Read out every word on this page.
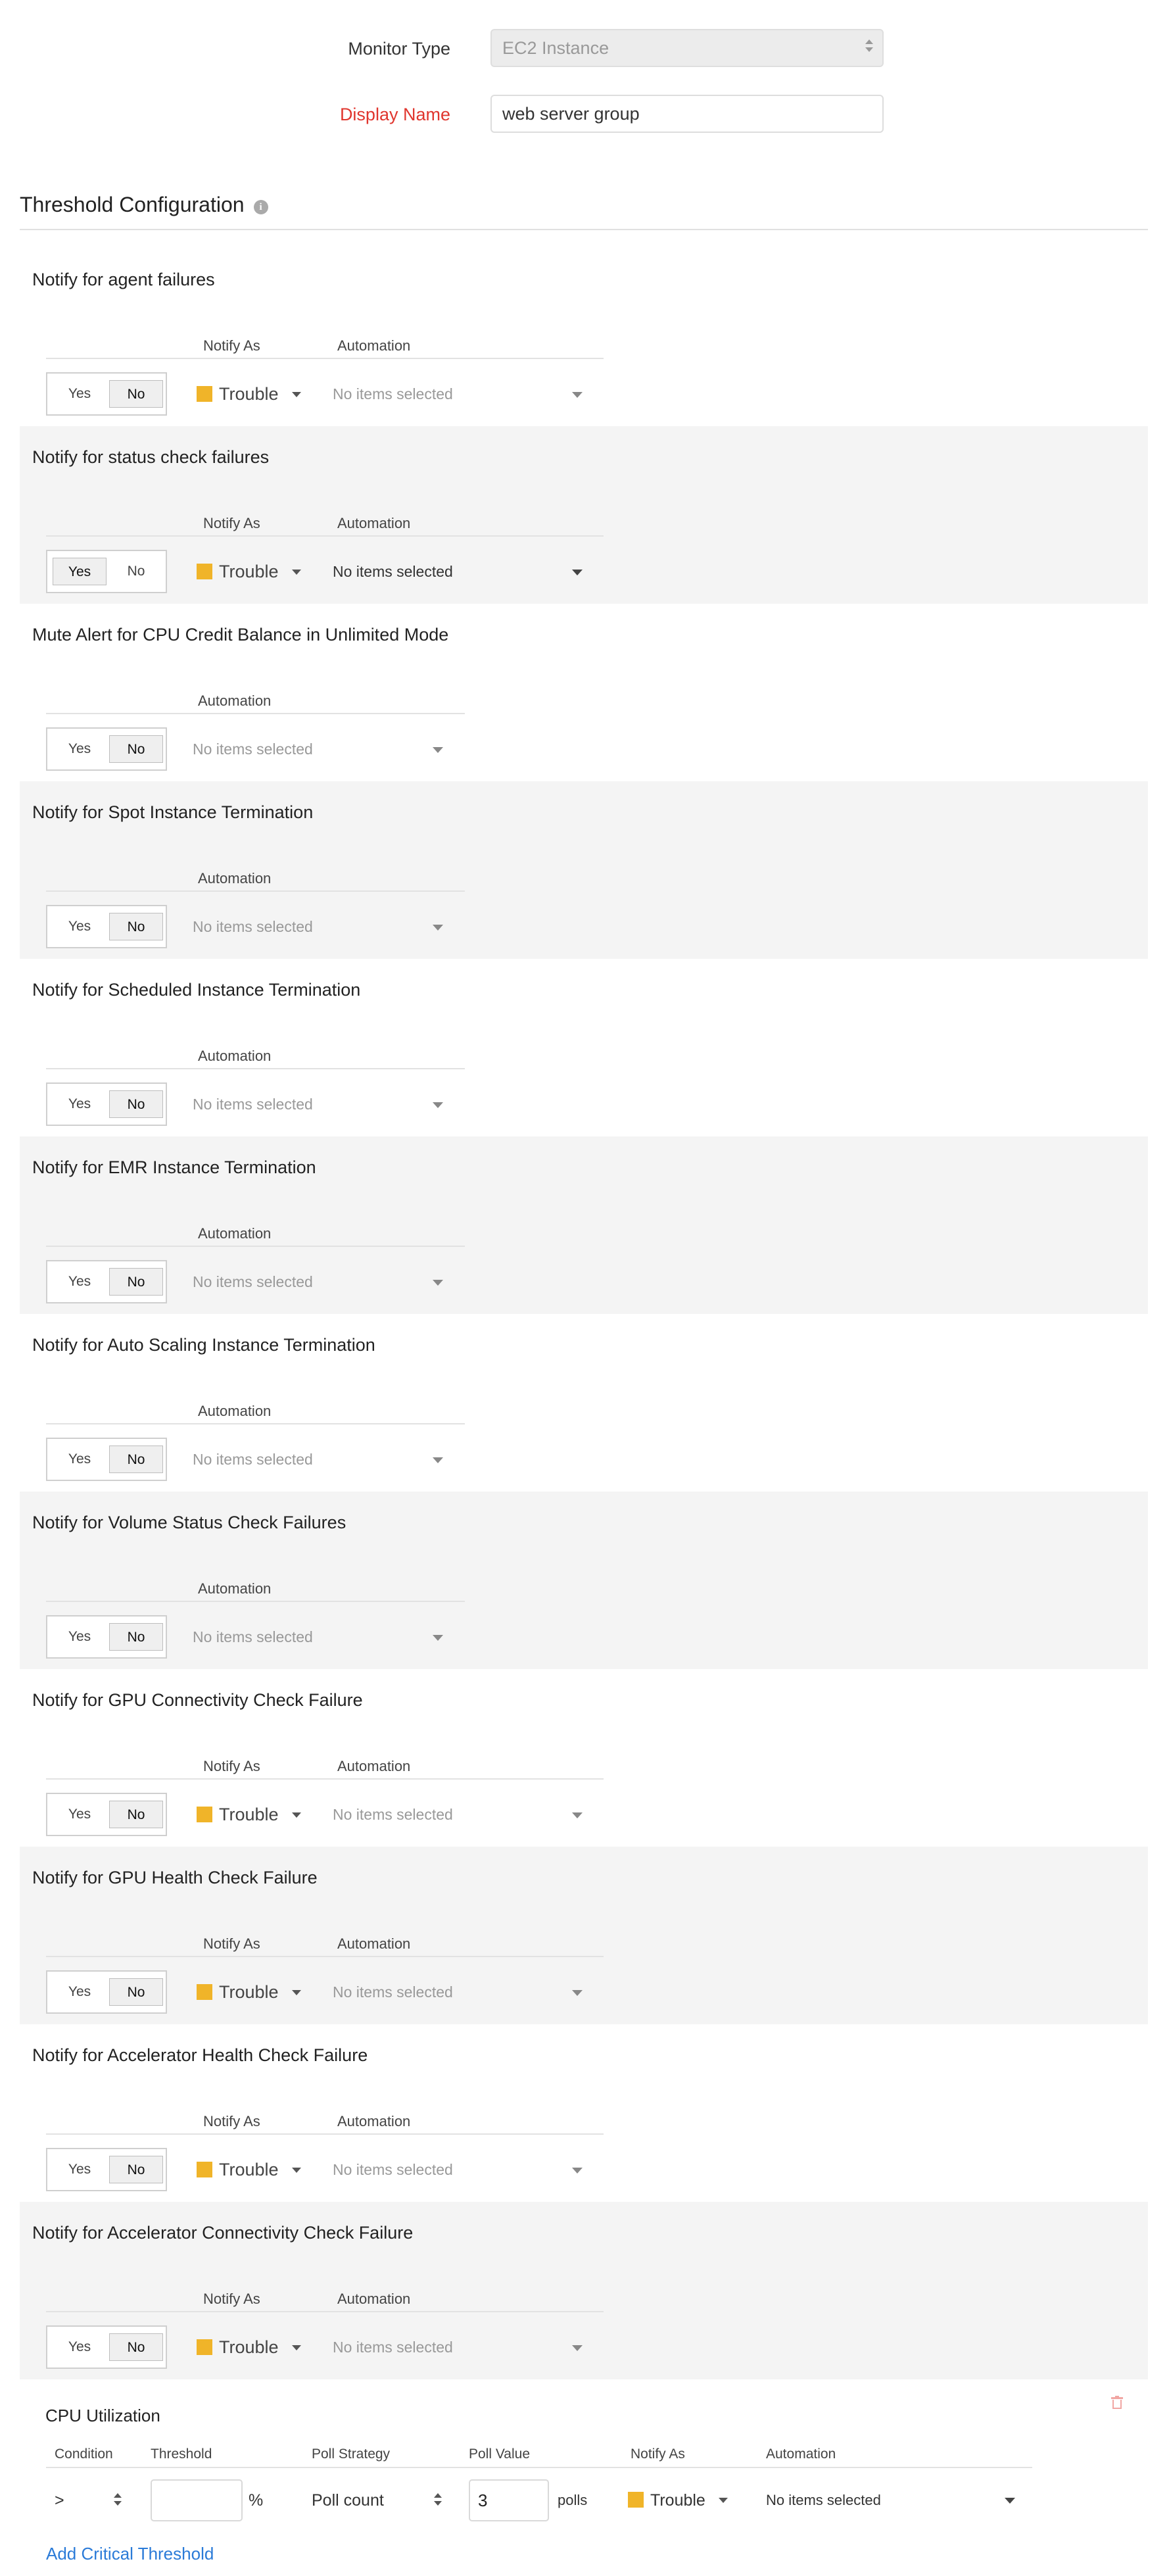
Monitor Type	EC2 Instance
Display Name	web server group
Threshold Configuration i
Notify for agent failures
Notify As	Automation
Yes	No	Trouble	No items selected
Notify for status check failures
Notify As	Automation
Yes	No	Trouble	No items selected
Mute Alert for CPU Credit Balance in Unlimited Mode
Automation
Yes	No	No items selected
Notify for Spot Instance Termination
Automation
Yes	No	No items selected
Notify for Scheduled Instance Termination
Automation
Yes	No	No items selected
Notify for EMR Instance Termination
Automation
Yes	No	No items selected
Notify for Auto Scaling Instance Termination
Automation
Yes	No	No items selected
Notify for Volume Status Check Failures
Automation
Yes	No	No items selected
Notify for GPU Connectivity Check Failure
Notify As	Automation
Yes	No	Trouble	No items selected
Notify for GPU Health Check Failure
Notify As	Automation
Yes	No	Trouble	No items selected
Notify for Accelerator Health Check Failure
Notify As	Automation
Yes	No	Trouble	No items selected
Notify for Accelerator Connectivity Check Failure
Notify As	Automation
Yes	No	Trouble	No items selected
CPU Utilization
Condition	Threshold	Poll Strategy	Poll Value	Notify As	Automation
>	%	Poll count	3	polls	Trouble	No items selected
Add Critical Threshold
